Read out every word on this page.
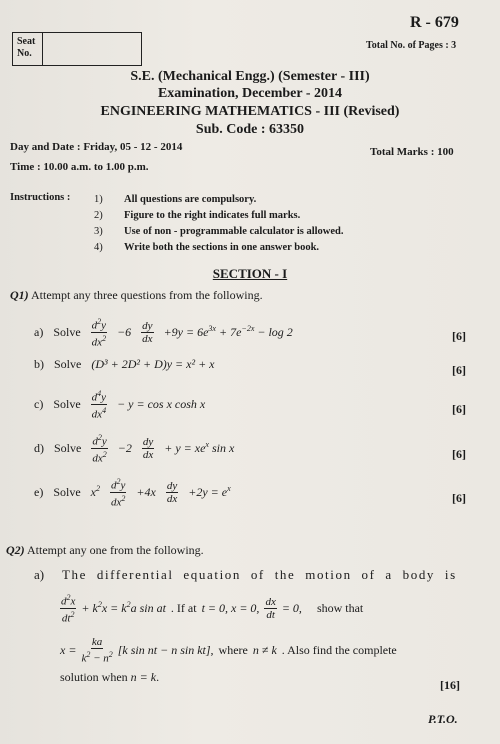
R - 679
Total No. of Pages : 3
Seat
No.
S.E. (Mechanical Engg.) (Semester - III)
Examination, December - 2014
ENGINEERING MATHEMATICS - III (Revised)
Sub. Code : 63350
Day and Date : Friday, 05 - 12 - 2014	Total Marks : 100
Time : 10.00 a.m. to 1.00 p.m.
Instructions : 1) All questions are compulsory.
2) Figure to the right indicates full marks.
3) Use of non - programmable calculator is allowed.
4) Write both the sections in one answer book.
SECTION - I
Q1) Attempt any three questions from the following.
a) Solve $\frac{d^2y}{dx^2} -6 \frac{dy}{dx} +9y = 6e^{3x} + 7e^{-2x} - \log 2$	[6]
b) Solve (D³ + 2D² + D)y = x² + x	[6]
c) Solve $\frac{d^4y}{dx^4} - y = \cos x$ cosh x	[6]
d) Solve $\frac{d^2y}{dx^2} -2 \frac{dy}{dx} + y = xe^x$ sin x	[6]
e) Solve $x^2 \frac{d^2y}{dx^2} +4x \frac{dy}{dx} +2y = e^x$
[6]
Q2) Attempt any one from the following.
a) The differential equation of the motion of a body is
$\frac{d^2x}{dt^2} + k^2x = k^2a$ sin at . If at t = 0, x = 0, $\frac{dx}{dt} = 0$, show that
$x = \frac{ka}{k^2 - n^2} [k$ sin nt − n sin kt], where n ≠ k . Also find the complete
solution when n = k.
[16]
P.T.O.
